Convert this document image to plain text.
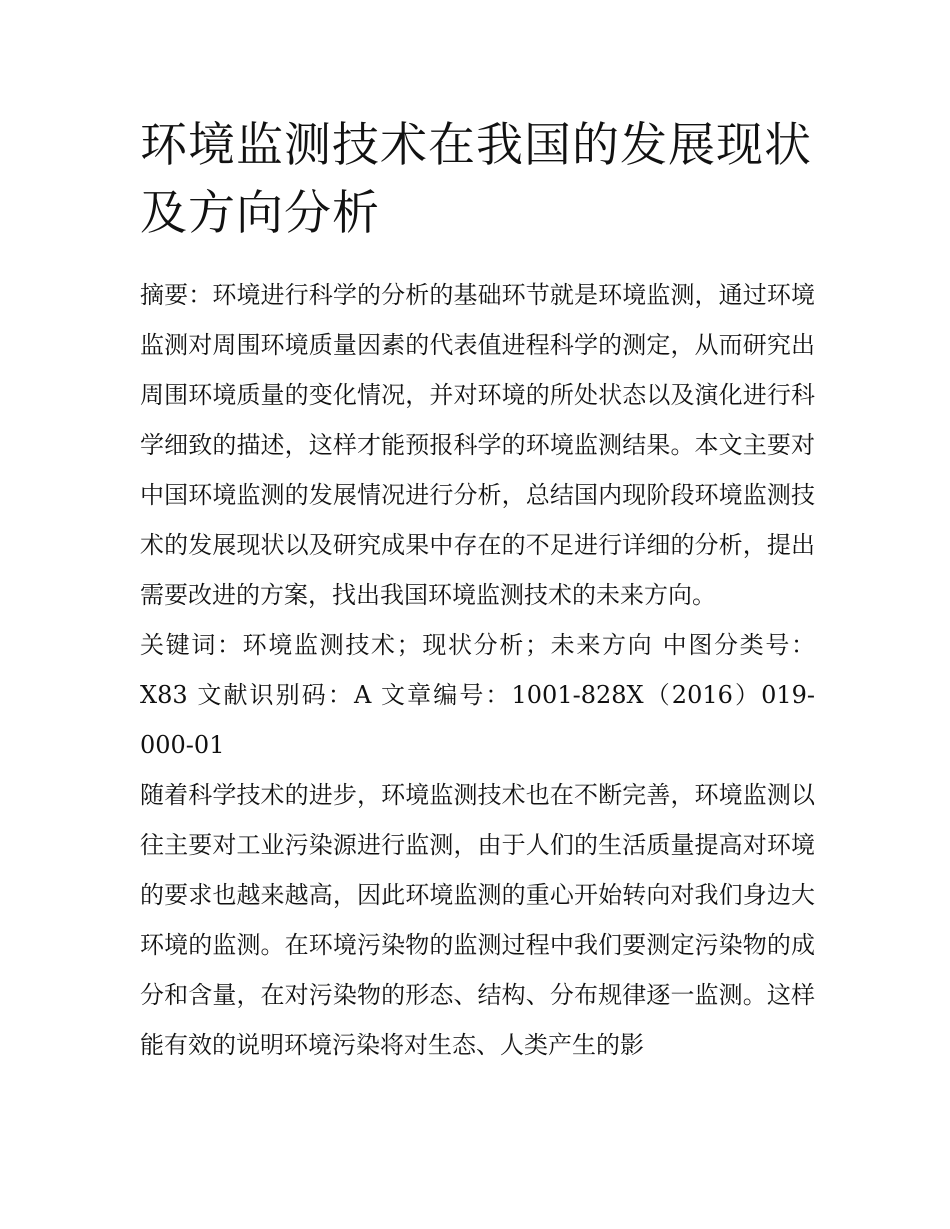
环境监测技术在我国的发展现状及方向分析

摘要：环境进行科学的分析的基础环节就是环境监测，通过环境监测对周围环境质量因素的代表值进程科学的测定，从而研究出周围环境质量的变化情况，并对环境的所处状态以及演化进行科学细致的描述，这样才能预报科学的环境监测结果。本文主要对中国环境监测的发展情况进行分析，总结国内现阶段环境监测技术的发展现状以及研究成果中存在的不足进行详细的分析，提出需要改进的方案，找出我国环境监测技术的未来方向。

关键词：环境监测技术；现状分析；未来方向 中图分类号：X83 文献识别码：A 文章编号：1001-828X（2016）019-000-01

随着科学技术的进步，环境监测技术也在不断完善，环境监测以往主要对工业污染源进行监测，由于人们的生活质量提高对环境的要求也越来越高，因此环境监测的重心开始转向对我们身边大环境的监测。在环境污染物的监测过程中我们要测定污染物的成分和含量，在对污染物的形态、结构、分布规律逐一监测。这样能有效的说明环境污染将对生态、人类产生的影
